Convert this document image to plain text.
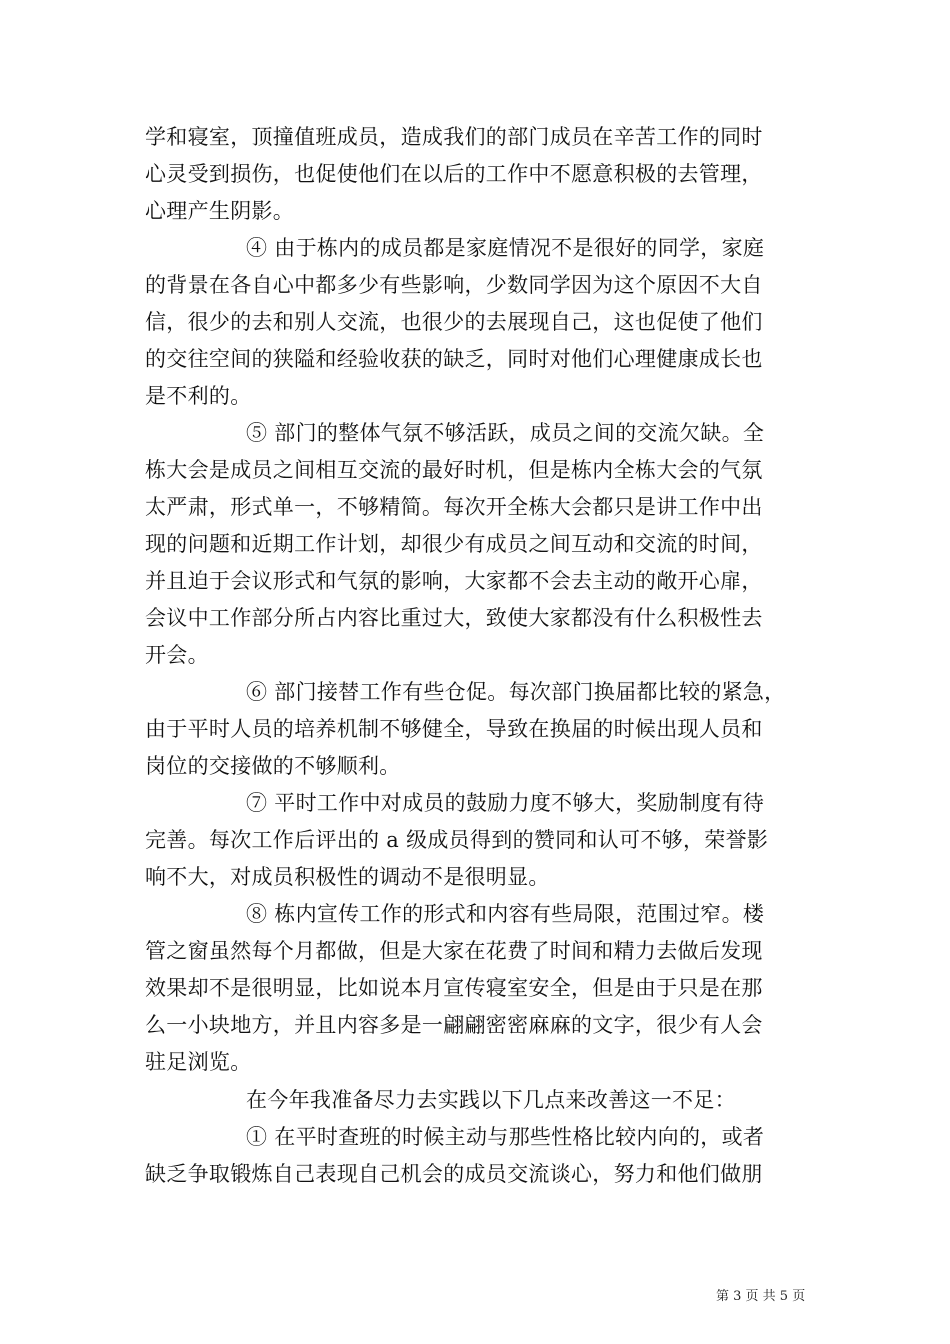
学和寝室，顶撞值班成员，造成我们的部门成员在辛苦工作的同时
心灵受到损伤，也促使他们在以后的工作中不愿意积极的去管理，
心理产生阴影。
④ 由于栋内的成员都是家庭情况不是很好的同学，家庭
的背景在各自心中都多少有些影响，少数同学因为这个原因不大自
信，很少的去和别人交流，也很少的去展现自己，这也促使了他们
的交往空间的狭隘和经验收获的缺乏，同时对他们心理健康成长也
是不利的。
⑤ 部门的整体气氛不够活跃，成员之间的交流欠缺。全
栋大会是成员之间相互交流的最好时机，但是栋内全栋大会的气氛
太严肃，形式单一，不够精简。每次开全栋大会都只是讲工作中出
现的问题和近期工作计划，却很少有成员之间互动和交流的时间，
并且迫于会议形式和气氛的影响，大家都不会去主动的敞开心扉，
会议中工作部分所占内容比重过大，致使大家都没有什么积极性去
开会。
⑥ 部门接替工作有些仓促。每次部门换届都比较的紧急，
由于平时人员的培养机制不够健全，导致在换届的时候出现人员和
岗位的交接做的不够顺利。
⑦ 平时工作中对成员的鼓励力度不够大，奖励制度有待
完善。每次工作后评出的 a 级成员得到的赞同和认可不够，荣誉影
响不大，对成员积极性的调动不是很明显。
⑧ 栋内宣传工作的形式和内容有些局限，范围过窄。楼
管之窗虽然每个月都做，但是大家在花费了时间和精力去做后发现
效果却不是很明显，比如说本月宣传寝室安全，但是由于只是在那
么一小块地方，并且内容多是一翩翩密密麻麻的文字，很少有人会
驻足浏览。
在今年我准备尽力去实践以下几点来改善这一不足：
① 在平时查班的时候主动与那些性格比较内向的，或者
缺乏争取锻炼自己表现自己机会的成员交流谈心，努力和他们做朋
第 3 页 共 5 页
